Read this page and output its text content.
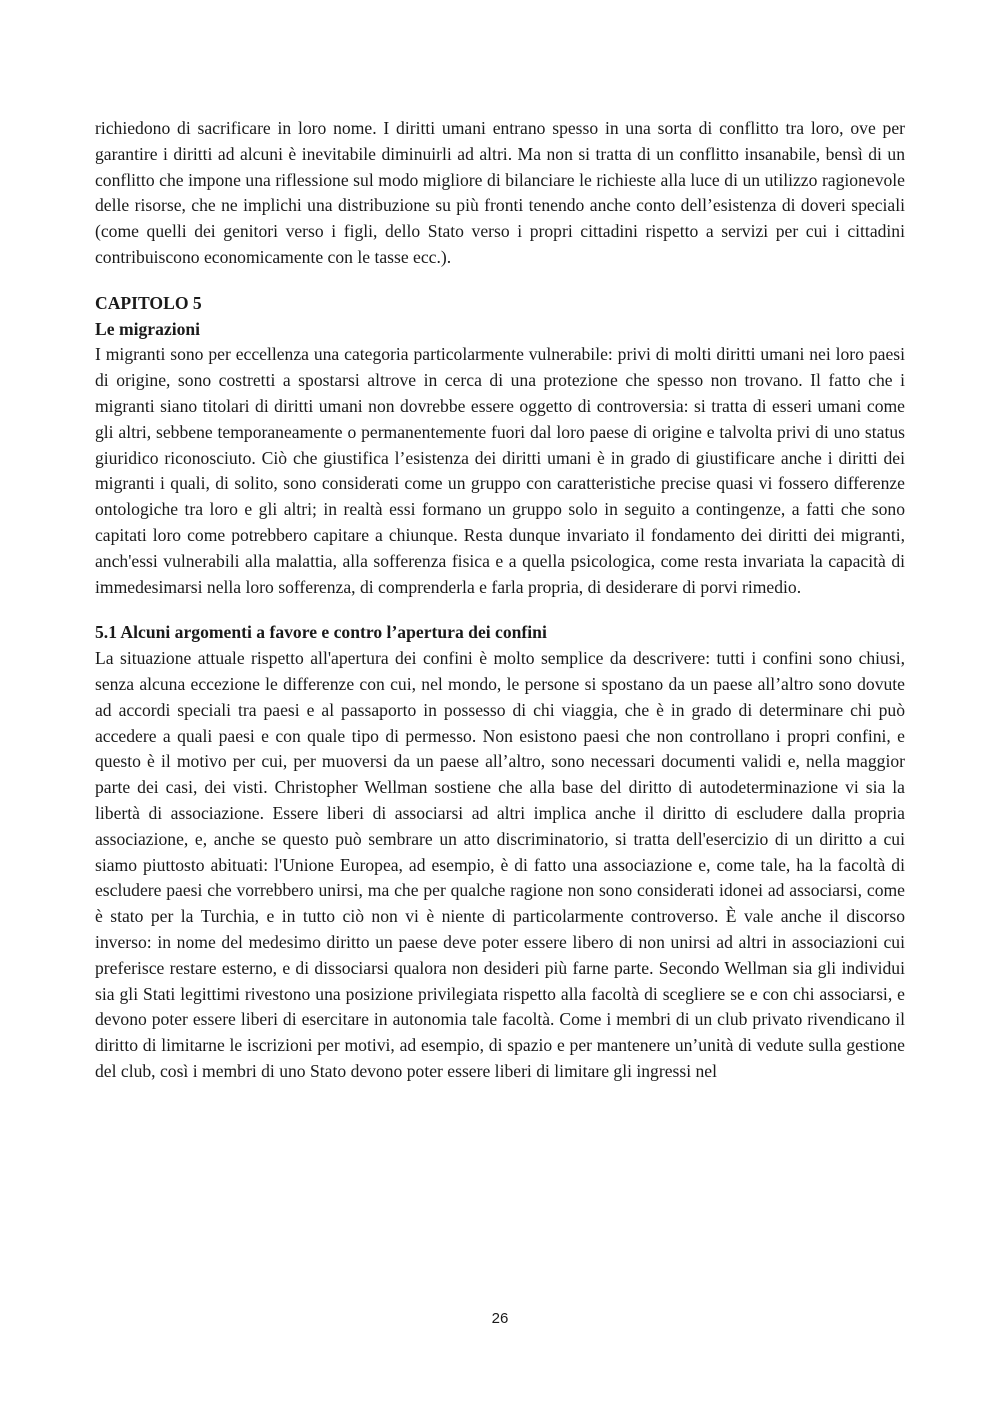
richiedono di sacrificare in loro nome. I diritti umani entrano spesso in una sorta di conflitto tra loro, ove per garantire i diritti ad alcuni è inevitabile diminuirli ad altri. Ma non si tratta di un conflitto insanabile, bensì di un conflitto che impone una riflessione sul modo migliore di bilanciare le richieste alla luce di un utilizzo ragionevole delle risorse, che ne implichi una distribuzione su più fronti tenendo anche conto dell’esistenza di doveri speciali (come quelli dei genitori verso i figli, dello Stato verso i propri cittadini rispetto a servizi per cui i cittadini contribuiscono economicamente con le tasse ecc.).

CAPITOLO 5
Le migrazioni

I migranti sono per eccellenza una categoria particolarmente vulnerabile: privi di molti diritti umani nei loro paesi di origine, sono costretti a spostarsi altrove in cerca di una protezione che spesso non trovano. Il fatto che i migranti siano titolari di diritti umani non dovrebbe essere oggetto di controversia: si tratta di esseri umani come gli altri, sebbene temporaneamente o permanentemente fuori dal loro paese di origine e talvolta privi di uno status giuridico riconosciuto. Ciò che giustifica l’esistenza dei diritti umani è in grado di giustificare anche i diritti dei migranti i quali, di solito, sono considerati come un gruppo con caratteristiche precise quasi vi fossero differenze ontologiche tra loro e gli altri; in realtà essi formano un gruppo solo in seguito a contingenze, a fatti che sono capitati loro come potrebbero capitare a chiunque. Resta dunque invariato il fondamento dei diritti dei migranti, anch'essi vulnerabili alla malattia, alla sofferenza fisica e a quella psicologica, come resta invariata la capacità di immedesimarsi nella loro sofferenza, di comprenderla e farla propria, di desiderare di porvi rimedio.

5.1 Alcuni argomenti a favore e contro l’apertura dei confini

La situazione attuale rispetto all'apertura dei confini è molto semplice da descrivere: tutti i confini sono chiusi, senza alcuna eccezione le differenze con cui, nel mondo, le persone si spostano da un paese all’altro sono dovute ad accordi speciali tra paesi e al passaporto in possesso di chi viaggia, che è in grado di determinare chi può accedere a quali paesi e con quale tipo di permesso. Non esistono paesi che non controllano i propri confini, e questo è il motivo per cui, per muoversi da un paese all’altro, sono necessari documenti validi e, nella maggior parte dei casi, dei visti. Christopher Wellman sostiene che alla base del diritto di autodeterminazione vi sia la libertà di associazione. Essere liberi di associarsi ad altri implica anche il diritto di escludere dalla propria associazione, e, anche se questo può sembrare un atto discriminatorio, si tratta dell'esercizio di un diritto a cui siamo piuttosto abituati: l'Unione Europea, ad esempio, è di fatto una associazione e, come tale, ha la facoltà di escludere paesi che vorrebbero unirsi, ma che per qualche ragione non sono considerati idonei ad associarsi, come è stato per la Turchia, e in tutto ciò non vi è niente di particolarmente controverso. È vale anche il discorso inverso: in nome del medesimo diritto un paese deve poter essere libero di non unirsi ad altri in associazioni cui preferisce restare esterno, e di dissociarsi qualora non desideri più farne parte. Secondo Wellman sia gli individui sia gli Stati legittimi rivestono una posizione privilegiata rispetto alla facoltà di scegliere se e con chi associarsi, e devono poter essere liberi di esercitare in autonomia tale facoltà. Come i membri di un club privato rivendicano il diritto di limitarne le iscrizioni per motivi, ad esempio, di spazio e per mantenere un’unità di vedute sulla gestione del club, così i membri di uno Stato devono poter essere liberi di limitare gli ingressi nel

26
